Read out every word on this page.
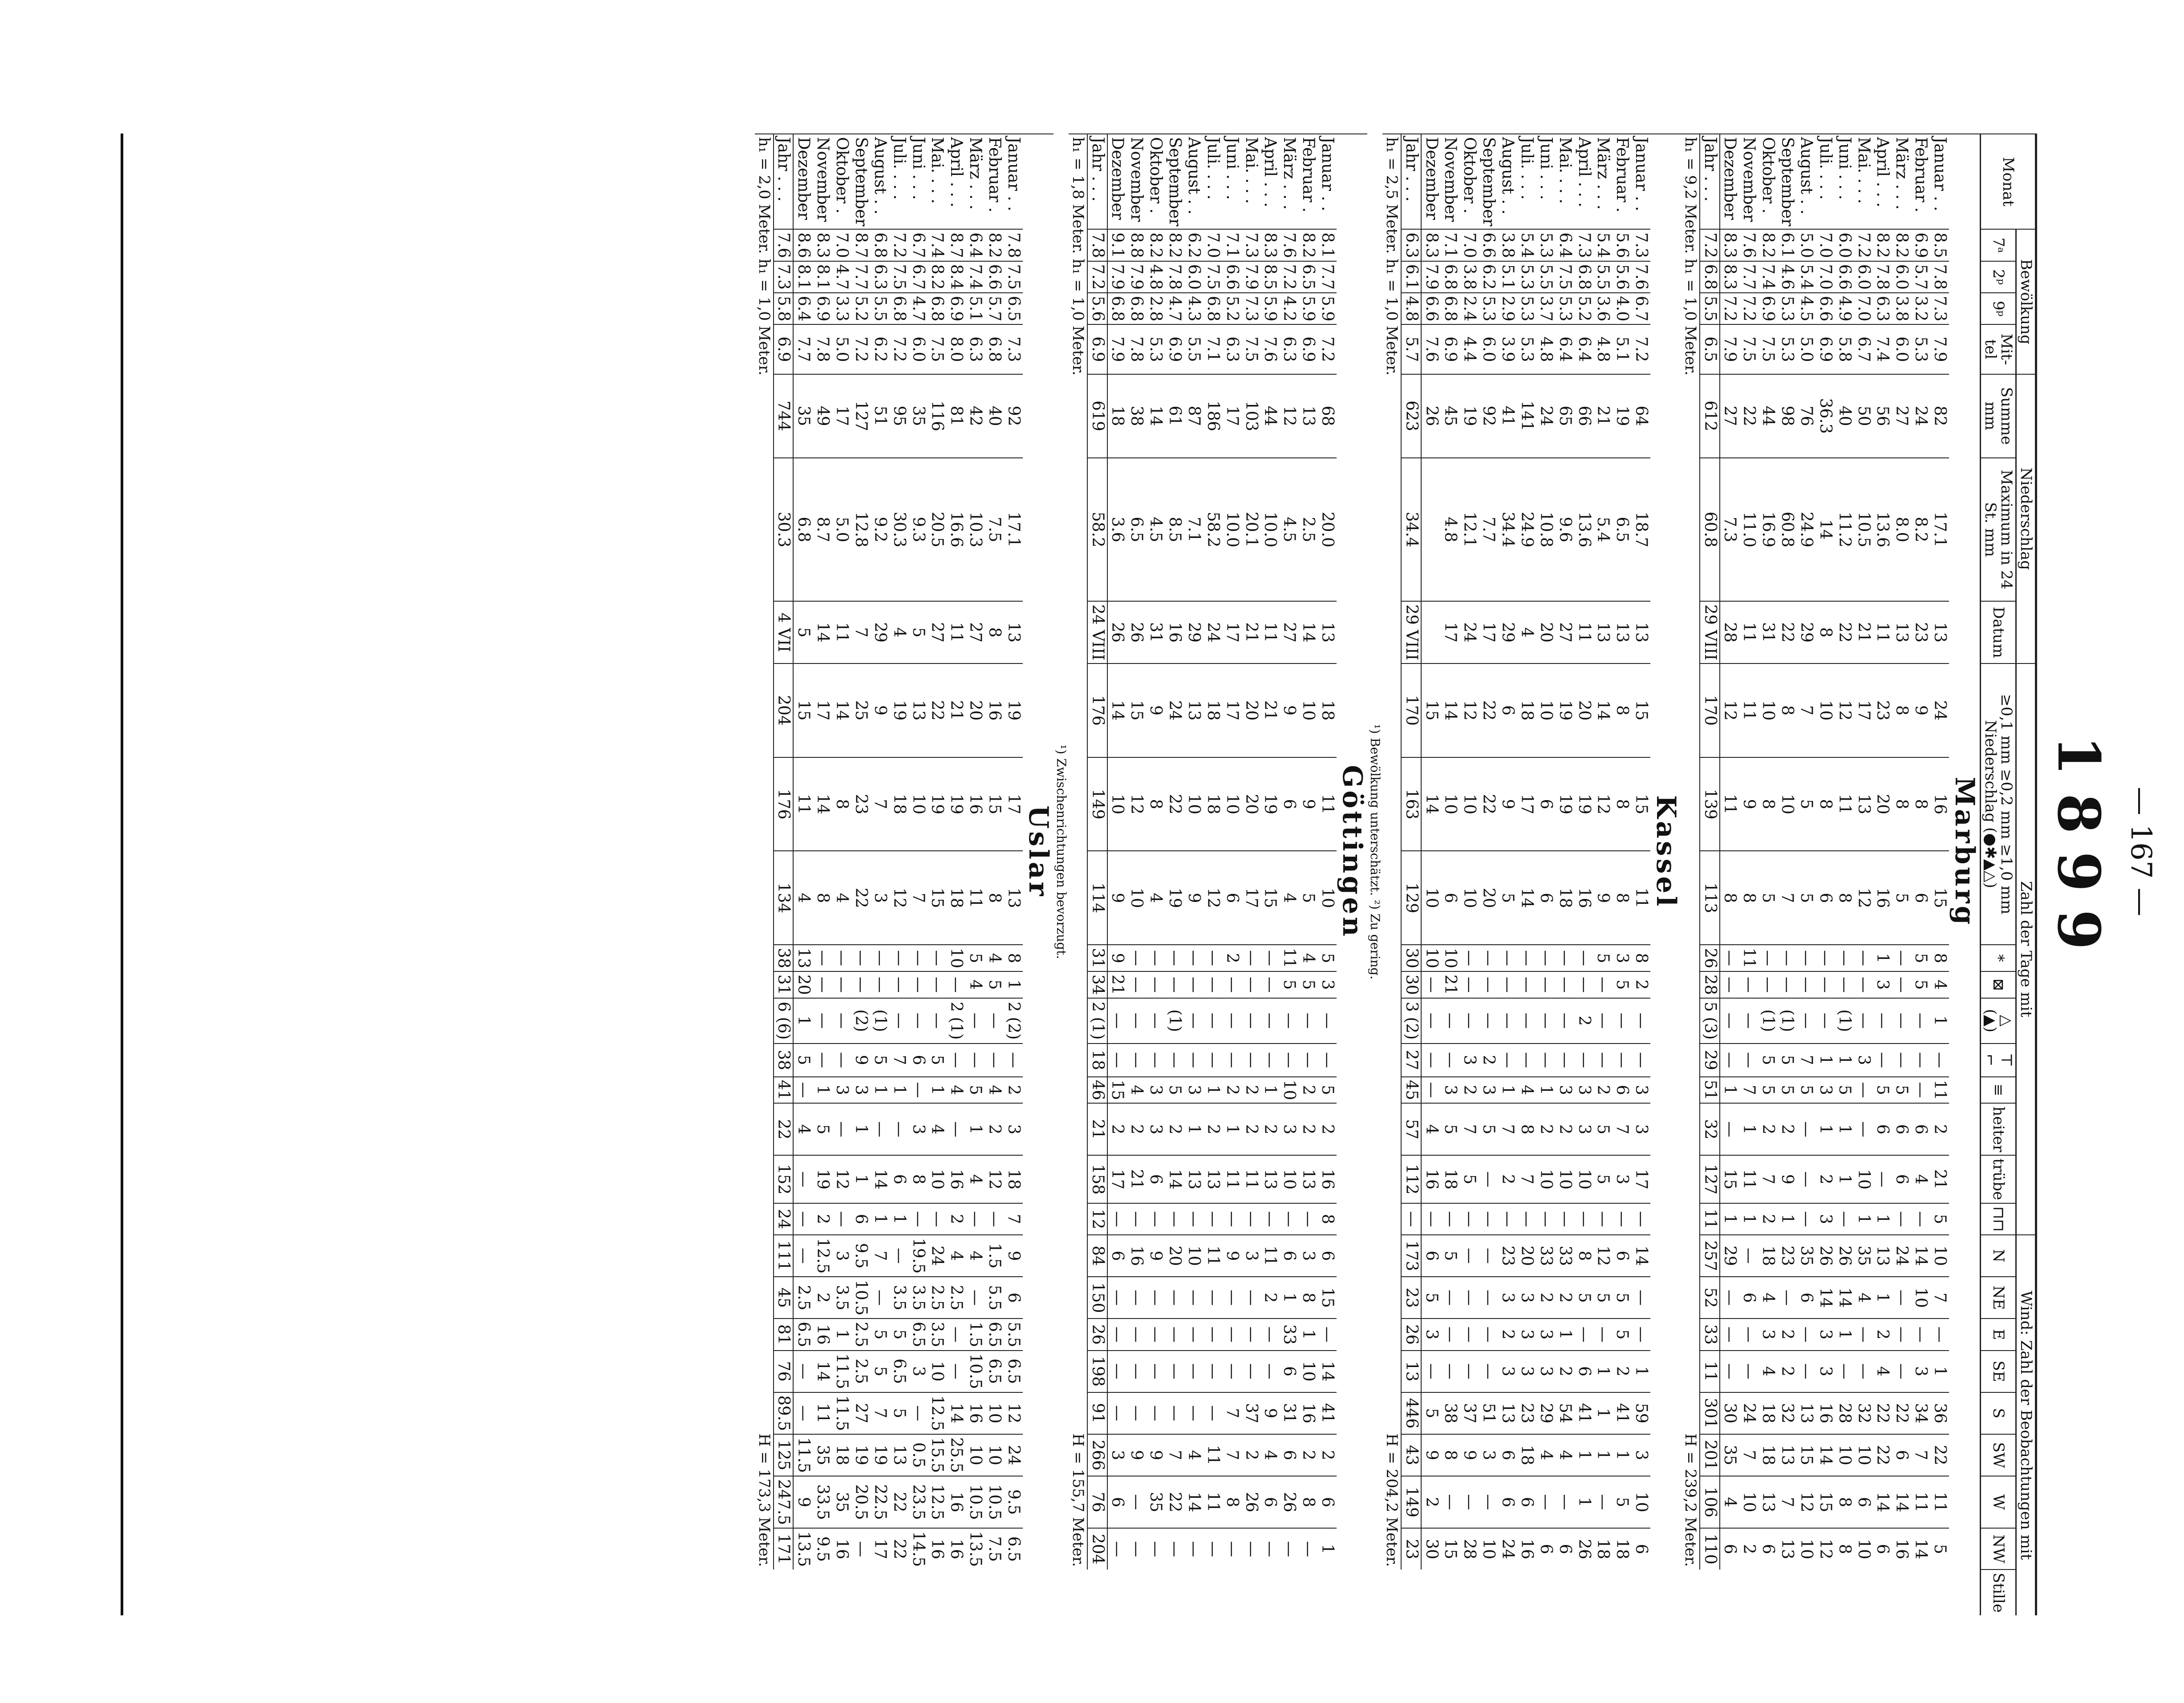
— 167 —
1899
Monat	Bewölkung				Niederschlag			Zahl der Tage mit											Wind: Zahl der Beobachtungen mit								
	7ᵃ	2ᵖ	9ᵖ	Mit-tel	Summe mm	Maximum in 24 St. mm	Datum	≥0,1 mm ≥0,2 mm ≥1,0 mm Niederschlag (●✱▲△)			*	⊠	△ (▲)	⊤ ⌐	≡	heiter	trübe	⊓⊓	N	NE	E	SE	S	SW	W	NW	Stille
Marburg																											
Januar . .	8.5	7.8	7.3	7.9	82	17.1	13	24	16	15	8	4	1	—	11	2	21	5	10	7	—	1	36	22	11	5	
Februar .	6.9	5.7	3.2	5.3	24	8.2	23	9	8	6	5	5	—	—	—	6	4	—	14	10	—	3	34	7	11	14	
März . . .	8.2	6.0	3.8	6.0	27	8.0	13	8	8	5	—	—	—	—	5	6	6	—	24	—	—	—	22	6	14	16	
April . . .	8.2	7.8	6.3	7.4	56	13.6	11	23	20	16	1	3	—	—	5	6	—	1	13	1	2	4	22	22	14	6	
Mai. . . .	7.2	6.0	7.0	6.7	50	10.5	21	17	13	12	—	—	—	3	—	—	10	1	35	4	—	—	32	10	6	10	
Juni . . .	6.0	6.6	4.9	5.8	40	11.2	22	12	11	8	—	—	(1)	1	5	1	1	—	26	14	1	—	28	10	8	8	
Juli. . . .	7.0	7.0	6.6	6.9	36.3	14	8	10	8	6	—	—	—	1	3	1	2	3	26	14	3	3	16	14	15	12	
August . .	5.0	5.4	4.5	5.0	76	24.9	29	7	5	5	—	—	—	7	5	—	—	—	35	6	—	—	13	15	12	10	
September	6.1	4.6	5.3	5.3	98	60.8	22	8	10	7	—	—	(1)	5	5	2	9	1	23	—	2	2	32	13	7	13	
Oktober .	8.2	7.4	6.9	7.5	44	16.9	31	10	8	5	—	—	(1)	5	5	2	7	2	18	4	3	4	18	18	13	6	
November	7.6	7.7	7.2	7.5	22	11.0	11	11	9	8	11	—	—	—	7	1	11	1	—	6	—	—	24	7	10	2	
Dezember	8.3	8.3	7.2	7.9	27	7.3	28	12	11	8	—	—	—	—	1	—	15	1	29	—	—	—	30	35	4	6	
Jahr . . .	7.2	6.8	5.5	6.5	612	60.8	29 VIII	170	139	113	26	28	5 (3)	29	51	32	127	11	257	52	33	11	301	201	106	110	
h₁ = 9,2 Meter. h₁ = 1,0 Meter.
H = 239,2 Meter.																											

Kassel																											
Januar . .	7.3	7.6	6.7	7.2	64	18.7	13	15	15	11	8	2	—	—	3	3	17	—	14	—	—	1	59	3	10	6	
Februar .	5.6	5.6	4.0	5.1	19	6.5	13	8	8	8	3	5	—	—	6	7	3	—	6	5	5	2	41	1	5	18	
März . . .	5.4	5.5	3.6	4.8	21	5.4	13	14	12	9	5	—	—	—	2	5	5	—	12	5	—	1	1	1	—	18	
April . . .	7.3	6.8	5.2	6.4	66	13.6	11	20	19	16	—	—	2	—	3	3	10	—	8	5	—	6	41	1	1	26	
Mai. . . .	6.4	7.5	5.3	6.4	65	9.6	27	19	19	18	—	—	—	—	3	2	10	—	33	2	1	2	54	4	—	6	
Juni . . .	5.3	5.5	3.7	4.8	24	10.8	20	10	6	6	—	—	—	—	1	2	10	—	33	2	3	3	29	4	—	6	
Juli. . . .	5.4	5.3	5.3	5.3	141	24.9	4	18	17	14	—	—	—	—	4	8	7	—	20	3	3	3	23	18	6	16	
August . .	3.8	5.1	2.9	3.9	41	34.4	29	6	9	5	—	—	—	—	1	7	2	—	23	3	2	3	13	6	6	24	
September	6.6	6.2	5.3	6.0	92	7.7	17	22	22	20	—	—	—	2	3	5	—	—	—	—	—	—	51	3	—	10	
Oktober .	7.0	3.8	2.4	4.4	19	12.1	24	12	10	10	—	—	—	3	2	7	5	—	—	—	—	—	37	9	—	28	
November	7.1	6.8	6.8	6.9	45	4.8	17	14	10	6	10	21	—	—	3	5	18	—	5	—	—	—	38	8	—	15	
Dezember	8.3	7.9	6.6	7.6	26			15	14	10	10	—	—	—	—	4	16	—	6	5	3	—	5	9	2	30	
Jahr . . .	6.3	6.1	4.8	5.7	623	34.4	29 VIII	170	163	129	30	30	3 (2)	27	45	57	112	—	173	23	26	13	446	43	149	23	
h₁ = 2,5 Meter. h₁ = 1,0 Meter.
H = 204,2 Meter.																											

¹) Bewölkung unterschätzt. ²) Zu gering.																											
Göttingen																											
Januar . .	8.1	7.7	5.9	7.2	68	20.0	13	18	11	10	5	3	—	—	5	2	16	8	6	15	—	14	41	2	6	1	
Februar .	8.2	6.5	5.9	6.9	13	2.5	14	10	9	5	4	5	—	—	2	2	13	—	3	8	1	10	16	2	8	—	
März . . .	7.6	7.2	4.2	6.3	12	4.5	27	9	6	4	11	5	—	—	10	3	10	—	6	1	33	6	31	6	26	—	
April . . .	8.3	8.5	5.9	7.6	44	10.0	11	21	19	15	—	—	—	—	1	2	13	—	11	2	—	—	9	4	6	—	
Mai. . . .	7.3	7.9	7.3	7.5	103	20.1	21	20	20	17	—	—	—	—	2	2	11	—	3	—	—	—	37	2	26	—	
Juni . . .	7.1	6.6	5.2	6.3	17	10.0	17	17	10	6	2	—	—	—	2	1	11	—	9	—	—	—	7	7	8	—	
Juli. . . .	7.0	7.5	6.8	7.1	186	58.2	24	18	18	12	—	—	—	—	1	2	13	—	11	—	—	—	—	11	11	—	
August . .	6.2	6.0	4.3	5.5	87	7.1	29	13	10	9	—	—	—	—	3	1	13	—	10	—	—	—	—	4	14	—	
September	8.2	7.8	4.7	6.9	61	8.5	16	24	22	19	—	—	(1)	—	5	2	14	—	20	—	—	—	—	7	22	—	
Oktober .	8.2	4.8	2.8	5.3	14	4.5	31	9	8	4	—	—	—	—	3	3	6	—	9	—	—	—	—	9	35	—	
November	8.8	7.9	6.8	7.8	38	6.5	26	15	12	10	—	—	—	—	4	2	21	—	16	—	—	—	—	9	—	—	
Dezember	9.1	7.9	6.8	7.9	18	3.6	26	14	10	9	9	21	—	—	15	2	17	—	6	—	—	—	—	3	6	—	
Jahr . . .	7.8	7.2	5.6	6.9	619	58.2	24 VIII	176	149	114	31	34	2 (1)	18	46	21	158	12	84	150	26	198	91	266	76	204	
h₁ = 1,8 Meter. h₁ = 1,0 Meter.
H = 155,7 Meter.																											

¹) Zwischenrichtungen bevorzugt.																											
Uslar																											
Januar . .	7.8	7.5	6.5	7.3	92	17.1	13	19	17	13	8	1	2 (2)	—	2	3	18	7	9	6	5.5	6.5	12	24	9.5	6.5	
Februar .	8.2	6.6	5.7	6.8	40	7.5	8	16	15	8	4	5	—	—	4	2	12	—	1.5	5.5	6.5	6.5	10	10	10.5	7.5	
März . . .	6.4	7.4	5.1	6.3	42	10.3	27	20	16	11	5	4	—	—	5	1	4	—	4	—	1.5	10.5	16	10	10.5	13.5	
April . . .	8.7	8.4	6.9	8.0	81	16.6	11	21	19	18	10	—	2 (1)	—	4	—	16	2	4	2.5	—	—	14	25.5	16	16	
Mai. . . .	7.4	8.2	6.8	7.5	116	20.5	27	22	19	15	—	—	—	5	1	4	10	—	24	2.5	3.5	10	12.5	15.5	12.5	16	
Juni . . .	6.7	6.7	4.7	6.0	35	9.3	5	13	10	7	—	—	—	6	—	3	8	—	19.5	3.5	6.5	3	—	0.5	23.5	14.5	
Juli. . . .	7.2	7.5	6.8	7.2	95	30.3	4	19	18	12	—	—	—	7	1	—	6	1	—	3.5	5	6.5	5	13	22	22	
August . .	6.8	6.3	5.5	6.2	51	9.2	29	9	7	3	—	—	(1)	5	1	—	14	1	7	—	5	5	7	19	22.5	17	
September	8.7	7.7	5.2	7.2	127	12.8	7	25	23	22	—	—	(2)	9	3	1	1	6	9.5	10.5	2.5	2.5	27	19	20.5	—	
Oktober .	7.0	4.7	3.3	5.0	17	5.0	11	14	8	4	—	—	—	—	3	—	12	—	3	3.5	1	11.5	11.5	18	35	16	
November	8.3	8.1	6.9	7.8	49	8.7	14	17	14	8	—	—	—	—	1	5	19	2	12.5	2	16	14	11	35	33.5	9.5	
Dezember	8.6	8.1	6.4	7.7	35	6.8	5	15	11	4	13	20	1	5	—	4	—	—	—	2.5	6.5	—	—	11.5	9	13.5	
Jahr . . .	7.6	7.3	5.8	6.9	744	30.3	4 VII	204	176	134	38	31	6 (6)	38	41	22	152	24	111	45	81	76	89.5	125	247.5	171	
h₁ = 2,0 Meter. h₁ = 1,0 Meter.
H = 173,3 Meter.																											
